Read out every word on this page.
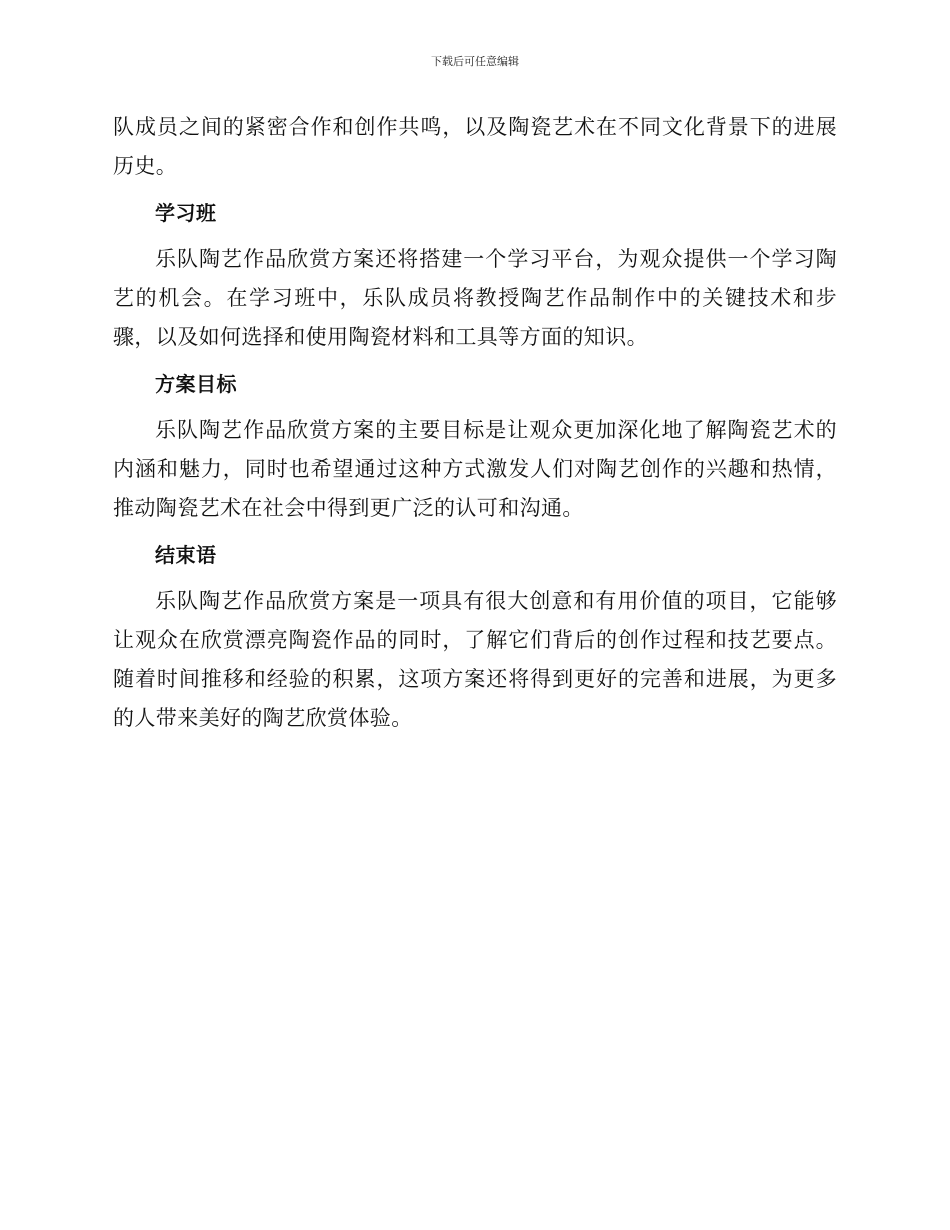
下载后可任意编辑

队成员之间的紧密合作和创作共鸣，以及陶瓷艺术在不同文化背景下的进展历史。

学习班

乐队陶艺作品欣赏方案还将搭建一个学习平台，为观众提供一个学习陶艺的机会。在学习班中，乐队成员将教授陶艺作品制作中的关键技术和步骤，以及如何选择和使用陶瓷材料和工具等方面的知识。

方案目标

乐队陶艺作品欣赏方案的主要目标是让观众更加深化地了解陶瓷艺术的内涵和魅力，同时也希望通过这种方式激发人们对陶艺创作的兴趣和热情，推动陶瓷艺术在社会中得到更广泛的认可和沟通。

结束语

乐队陶艺作品欣赏方案是一项具有很大创意和有用价值的项目，它能够让观众在欣赏漂亮陶瓷作品的同时，了解它们背后的创作过程和技艺要点。随着时间推移和经验的积累，这项方案还将得到更好的完善和进展，为更多的人带来美好的陶艺欣赏体验。
